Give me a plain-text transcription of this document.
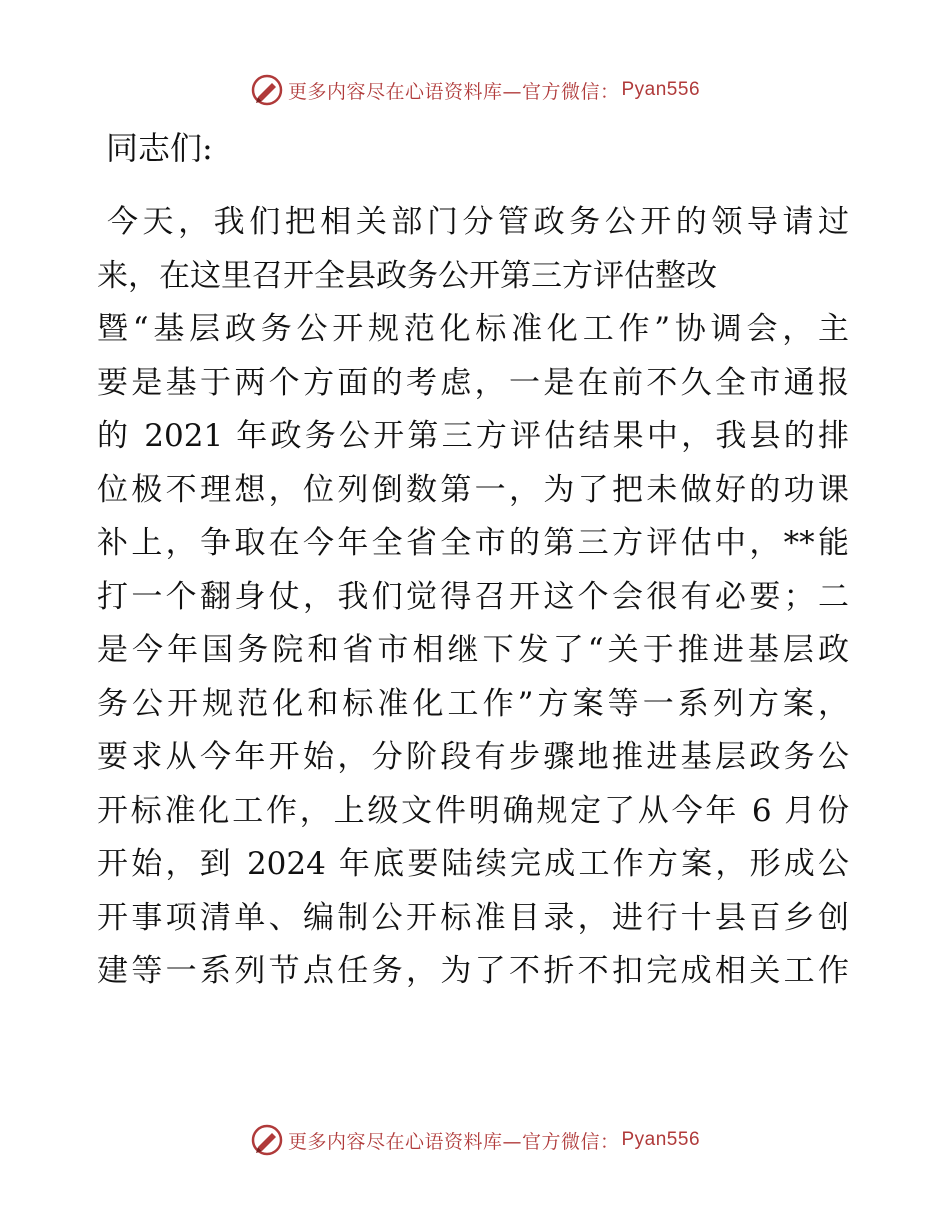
更多内容尽在心语资料库—官方微信： Pyan556
同志们:
今天，我们把相关部门分管政务公开的领导请过
来，在这里召开全县政务公开第三方评估整改
暨“基层政务公开规范化标准化工作”协调会，主
要是基于两个方面的考虑，一是在前不久全市通报
的 2021 年政务公开第三方评估结果中，我县的排
位极不理想，位列倒数第一，为了把未做好的功课
补上，争取在今年全省全市的第三方评估中，**能
打一个翻身仗，我们觉得召开这个会很有必要；二
是今年国务院和省市相继下发了“关于推进基层政
务公开规范化和标准化工作”方案等一系列方案，
要求从今年开始，分阶段有步骤地推进基层政务公
开标准化工作，上级文件明确规定了从今年 6 月份
开始，到 2024 年底要陆续完成工作方案，形成公
开事项清单、编制公开标准目录，进行十县百乡创
建等一系列节点任务，为了不折不扣完成相关工作
更多内容尽在心语资料库—官方微信： Pyan556
